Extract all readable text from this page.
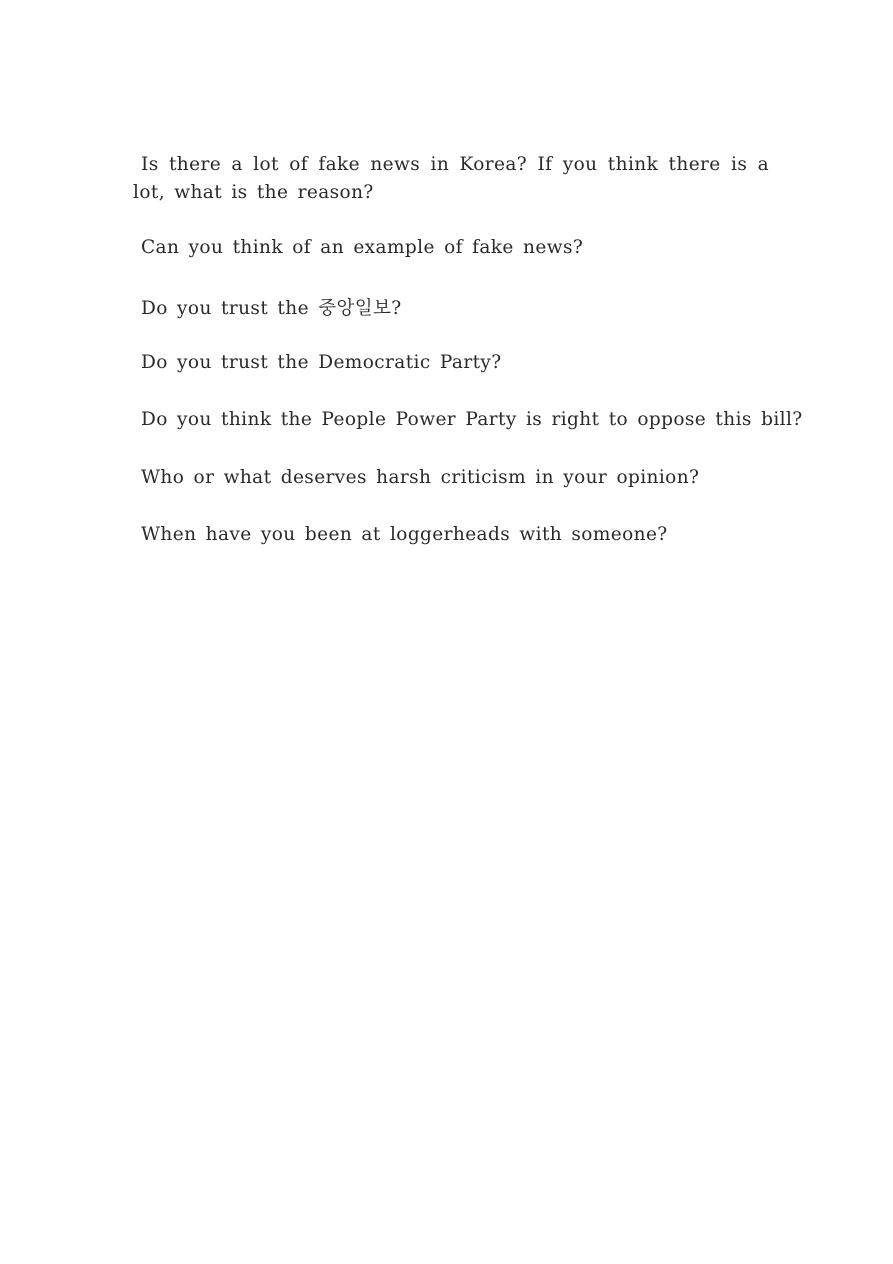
Is there a lot of fake news in Korea? If you think there is a lot, what is the reason?

Can you think of an example of fake news?

Do you trust the 중앙일보?

Do you trust the Democratic Party?

Do you think the People Power Party is right to oppose this bill?

Who or what deserves harsh criticism in your opinion?

When have you been at loggerheads with someone?
